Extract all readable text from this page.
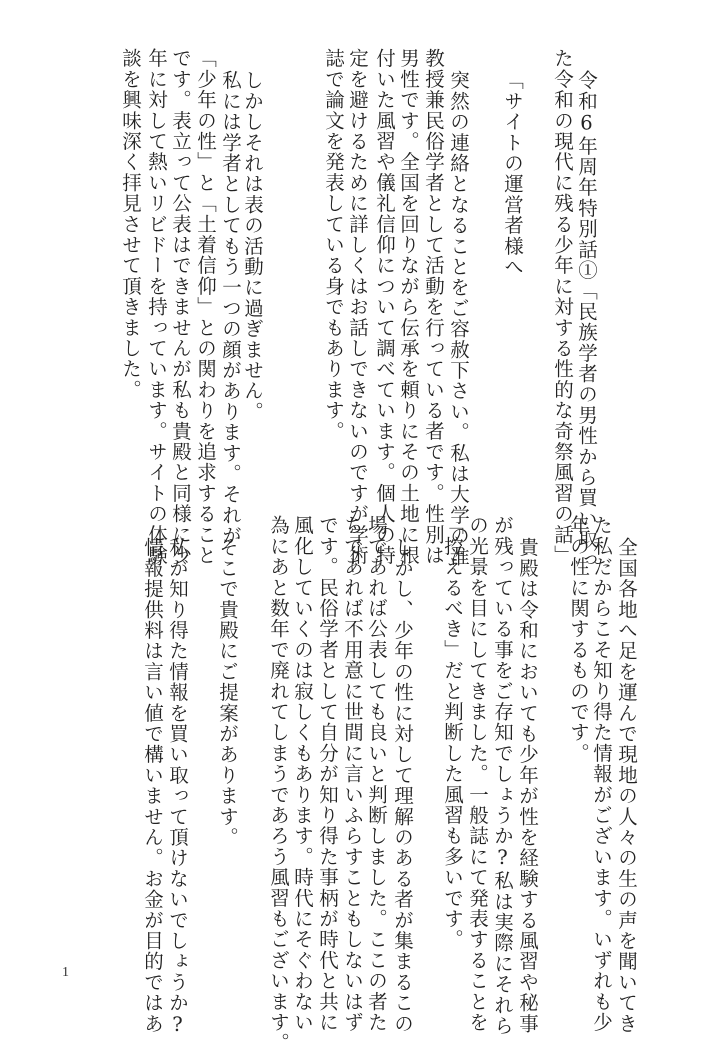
令和6年周年特別話①「民族学者の男性から買い取っ
た令和の現代に残る少年に対する性的な奇祭風習の話」
「サイトの運営者様へ
突然の連絡となることをご容赦下さい。私は大学の准
教授兼民俗学者として活動を行っている者です。性別は
男性です。全国を回りながら伝承を頼りにその土地に根
付いた風習や儀礼信仰について調べています。個人の特
定を避けるために詳しくはお話しできないのですが学術
誌で論文を発表している身でもあります。
しかしそれは表の活動に過ぎません。
私には学者としてもう一つの顔があります。それが
「少年の性」と「土着信仰」との関わりを追求すること
です。表立って公表はできませんが私も貴殿と同様に少
年に対して熱いリビドーを持っています。サイトの体験
談を興味深く拝見させて頂きました。
全国各地へ足を運んで現地の人々の生の声を聞いてき
た私だからこそ知り得た情報がございます。いずれも少
年の性に関するものです。
貴殿は令和においても少年が性を経験する風習や秘事
が残っている事をご存知でしょうか?私は実際にそれら
の光景を目にしてきました。一般誌にて発表することを
「控えるべき」だと判断した風習も多いです。
しかし、少年の性に対して理解のある者が集まるこの
場であれば公表しても良いと判断しました。ここの者た
ちであれば不用意に世間に言いふらすこともしないはず
です。民俗学者として自分が知り得た事柄が時代と共に
風化していくのは寂しくもあります。時代にそぐわない
為にあと数年で廃れてしまうであろう風習もございます。
そこで貴殿にご提案があります。
私が知り得た情報を買い取って頂けないでしょうか?
情報提供料は言い値で構いません。お金が目的ではあ
1
